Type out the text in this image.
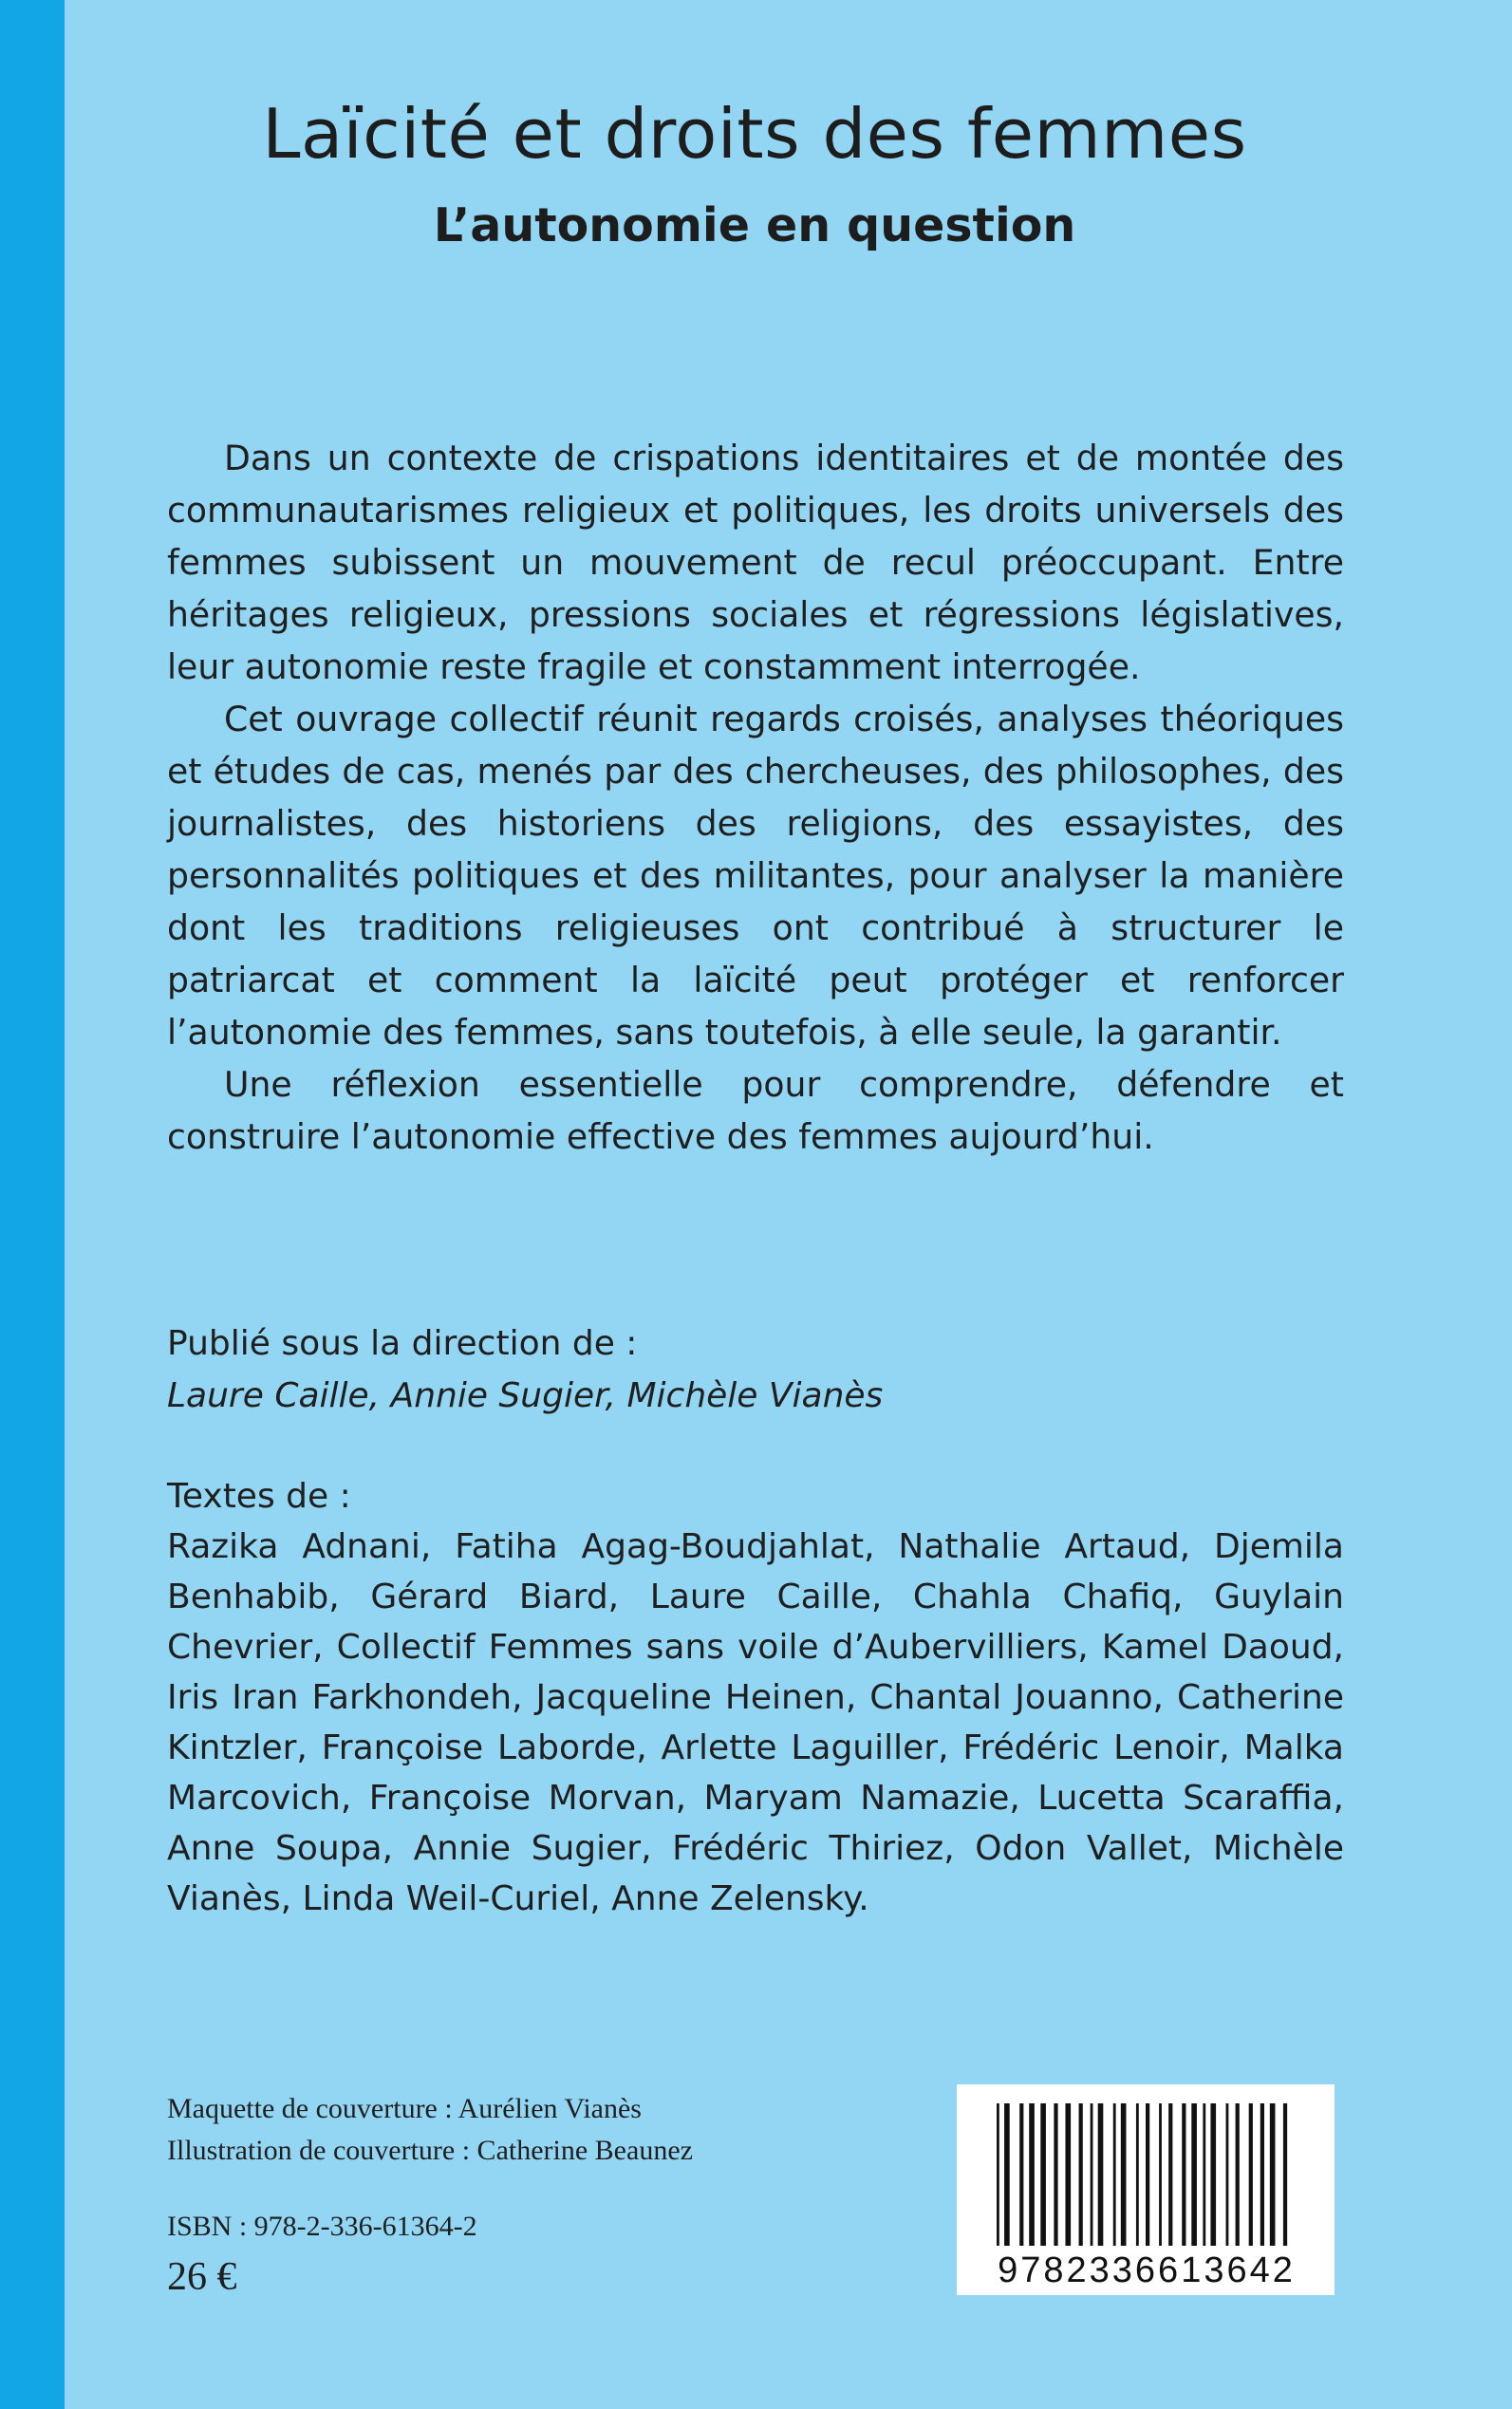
Laïcité et droits des femmes
L’autonomie en question

Dans un contexte de crispations identitaires et de montée des communautarismes religieux et politiques, les droits universels des femmes subissent un mouvement de recul préoccupant. Entre héritages religieux, pressions sociales et régressions législatives, leur autonomie reste fragile et constamment interrogée.

Cet ouvrage collectif réunit regards croisés, analyses théoriques et études de cas, menés par des chercheuses, des philosophes, des journalistes, des historiens des religions, des essayistes, des personnalités politiques et des militantes, pour analyser la manière dont les traditions religieuses ont contribué à structurer le patriarcat et comment la laïcité peut protéger et renforcer l’autonomie des femmes, sans toutefois, à elle seule, la garantir.

Une réflexion essentielle pour comprendre, défendre et construire l’autonomie effective des femmes aujourd’hui.

Publié sous la direction de :
Laure Caille, Annie Sugier, Michèle Vianès
Textes de :
Razika Adnani, Fatiha Agag-Boudjahlat, Nathalie Artaud, Djemila Benhabib, Gérard Biard, Laure Caille, Chahla Chafiq, Guylain Chevrier, Collectif Femmes sans voile d’Aubervilliers, Kamel Daoud, Iris Iran Farkhondeh, Jacqueline Heinen, Chantal Jouanno, Catherine Kintzler, Françoise Laborde, Arlette Laguiller, Frédéric Lenoir, Malka Marcovich, Françoise Morvan, Maryam Namazie, Lucetta Scaraffia, Anne Soupa, Annie Sugier, Frédéric Thiriez, Odon Vallet, Michèle Vianès, Linda Weil-Curiel, Anne Zelensky.
Maquette de couverture : Aurélien Vianès
Illustration de couverture : Catherine Beaunez
ISBN : 978-2-336-61364-2
26 €	9782336613642
